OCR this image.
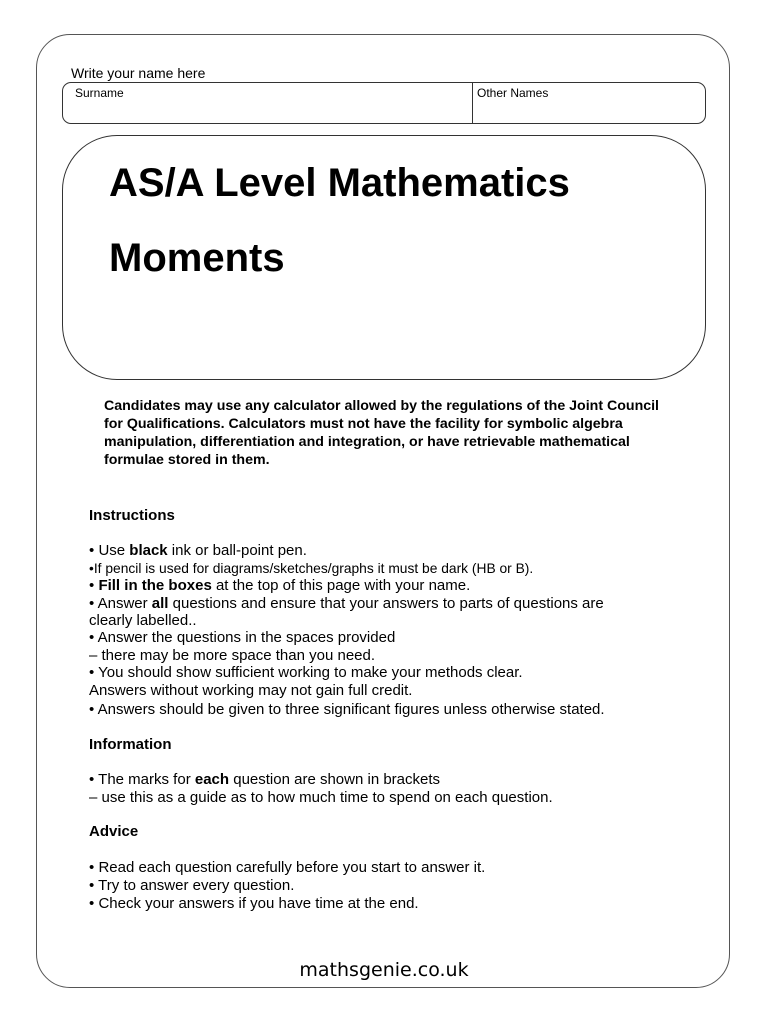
Write your name here
Surname	Other Names
AS/A Level Mathematics
Moments

Candidates may use any calculator allowed by the regulations of the Joint Council for Qualifications. Calculators must not have the facility for symbolic algebra manipulation, differentiation and integration, or have retrievable mathematical formulae stored in them.

Instructions
• Use black ink or ball-point pen.
•If pencil is used for diagrams/sketches/graphs it must be dark (HB or B).
• Fill in the boxes at the top of this page with your name.
• Answer all questions and ensure that your answers to parts of questions are
clearly labelled..
• Answer the questions in the spaces provided
– there may be more space than you need.
• You should show sufficient working to make your methods clear.
Answers without working may not gain full credit.
• Answers should be given to three significant figures unless otherwise stated.
Information
• The marks for each question are shown in brackets
– use this as a guide as to how much time to spend on each question.
Advice
• Read each question carefully before you start to answer it.
• Try to answer every question.
• Check your answers if you have time at the end.
mathsgenie.co.uk
